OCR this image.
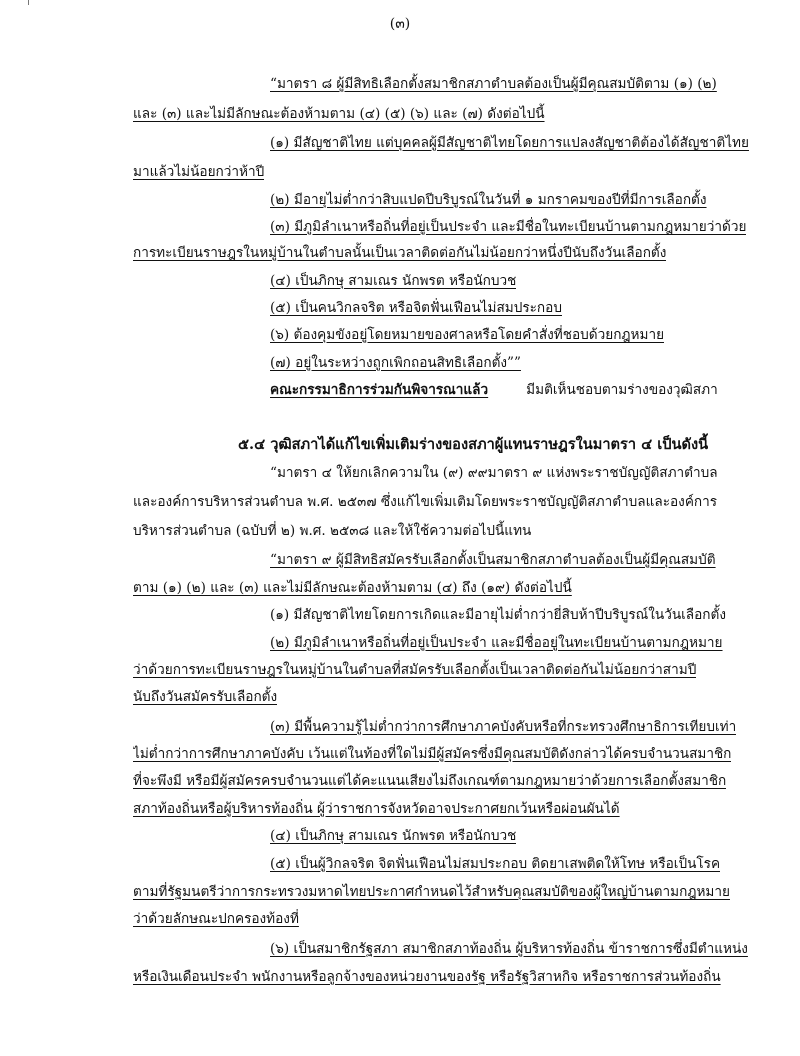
(๓)
“มาตรา ๘ ผู้มีสิทธิเลือกตั้งสมาชิกสภาตำบลต้องเป็นผู้มีคุณสมบัติตาม (๑) (๒)
และ (๓) และไม่มีลักษณะต้องห้ามตาม (๔) (๕) (๖) และ (๗) ดังต่อไปนี้
(๑) มีสัญชาติไทย แต่บุคคลผู้มีสัญชาติไทยโดยการแปลงสัญชาติต้องได้สัญชาติไทย
มาแล้วไม่น้อยกว่าห้าปี
(๒) มีอายุไม่ต่ำกว่าสิบแปดปีบริบูรณ์ในวันที่ ๑ มกราคมของปีที่มีการเลือกตั้ง
(๓) มีภูมิลำเนาหรือถิ่นที่อยู่เป็นประจำ และมีชื่อในทะเบียนบ้านตามกฎหมายว่าด้วย
การทะเบียนราษฎรในหมู่บ้านในตำบลนั้นเป็นเวลาติดต่อกันไม่น้อยกว่าหนึ่งปีนับถึงวันเลือกตั้ง
(๔) เป็นภิกษุ สามเณร นักพรต หรือนักบวช
(๕) เป็นคนวิกลจริต หรือจิตฟั่นเฟือนไม่สมประกอบ
(๖) ต้องคุมขังอยู่โดยหมายของศาลหรือโดยคำสั่งที่ชอบด้วยกฎหมาย
(๗) อยู่ในระหว่างถูกเพิกถอนสิทธิเลือกตั้ง””
คณะกรรมาธิการร่วมกันพิจารณาแล้ว	มีมติเห็นชอบตามร่างของวุฒิสภา
๕.๔ วุฒิสภาได้แก้ไขเพิ่มเติมร่างของสภาผู้แทนราษฎรในมาตรา ๔ เป็นดังนี้
“มาตรา ๔ ให้ยกเลิกความใน (๙) ๙๙มาตรา ๙ แห่งพระราชบัญญัติสภาตำบล
และองค์การบริหารส่วนตำบล พ.ศ. ๒๕๓๗ ซึ่งแก้ไขเพิ่มเติมโดยพระราชบัญญัติสภาตำบลและองค์การ
บริหารส่วนตำบล (ฉบับที่ ๒) พ.ศ. ๒๕๓๘ และให้ใช้ความต่อไปนี้แทน
“มาตรา ๙ ผู้มีสิทธิสมัครรับเลือกตั้งเป็นสมาชิกสภาตำบลต้องเป็นผู้มีคุณสมบัติ
ตาม (๑) (๒) และ (๓) และไม่มีลักษณะต้องห้ามตาม (๔) ถึง (๑๙) ดังต่อไปนี้
(๑) มีสัญชาติไทยโดยการเกิดและมีอายุไม่ต่ำกว่ายี่สิบห้าปีบริบูรณ์ในวันเลือกตั้ง
(๒) มีภูมิลำเนาหรือถิ่นที่อยู่เป็นประจำ และมีชื่ออยู่ในทะเบียนบ้านตามกฎหมาย
ว่าด้วยการทะเบียนราษฎรในหมู่บ้านในตำบลที่สมัครรับเลือกตั้งเป็นเวลาติดต่อกันไม่น้อยกว่าสามปี
นับถึงวันสมัครรับเลือกตั้ง
(๓) มีพื้นความรู้ไม่ต่ำกว่าการศึกษาภาคบังคับหรือที่กระทรวงศึกษาธิการเทียบเท่า
ไม่ต่ำกว่าการศึกษาภาคบังคับ เว้นแต่ในท้องที่ใดไม่มีผู้สมัครซึ่งมีคุณสมบัติดังกล่าวได้ครบจำนวนสมาชิก
ที่จะพึงมี หรือมีผู้สมัครครบจำนวนแต่ได้คะแนนเสียงไม่ถึงเกณฑ์ตามกฎหมายว่าด้วยการเลือกตั้งสมาชิก
สภาท้องถิ่นหรือผู้บริหารท้องถิ่น ผู้ว่าราชการจังหวัดอาจประกาศยกเว้นหรือผ่อนผันได้
(๔) เป็นภิกษุ สามเณร นักพรต หรือนักบวช
(๕) เป็นผู้วิกลจริต จิตฟั่นเฟือนไม่สมประกอบ ติดยาเสพติดให้โทษ หรือเป็นโรค
ตามที่รัฐมนตรีว่าการกระทรวงมหาดไทยประกาศกำหนดไว้สำหรับคุณสมบัติของผู้ใหญ่บ้านตามกฎหมาย
ว่าด้วยลักษณะปกครองท้องที่
(๖) เป็นสมาชิกรัฐสภา สมาชิกสภาท้องถิ่น ผู้บริหารท้องถิ่น ข้าราชการซึ่งมีตำแหน่ง
หรือเงินเดือนประจำ พนักงานหรือลูกจ้างของหน่วยงานของรัฐ หรือรัฐวิสาหกิจ หรือราชการส่วนท้องถิ่น
